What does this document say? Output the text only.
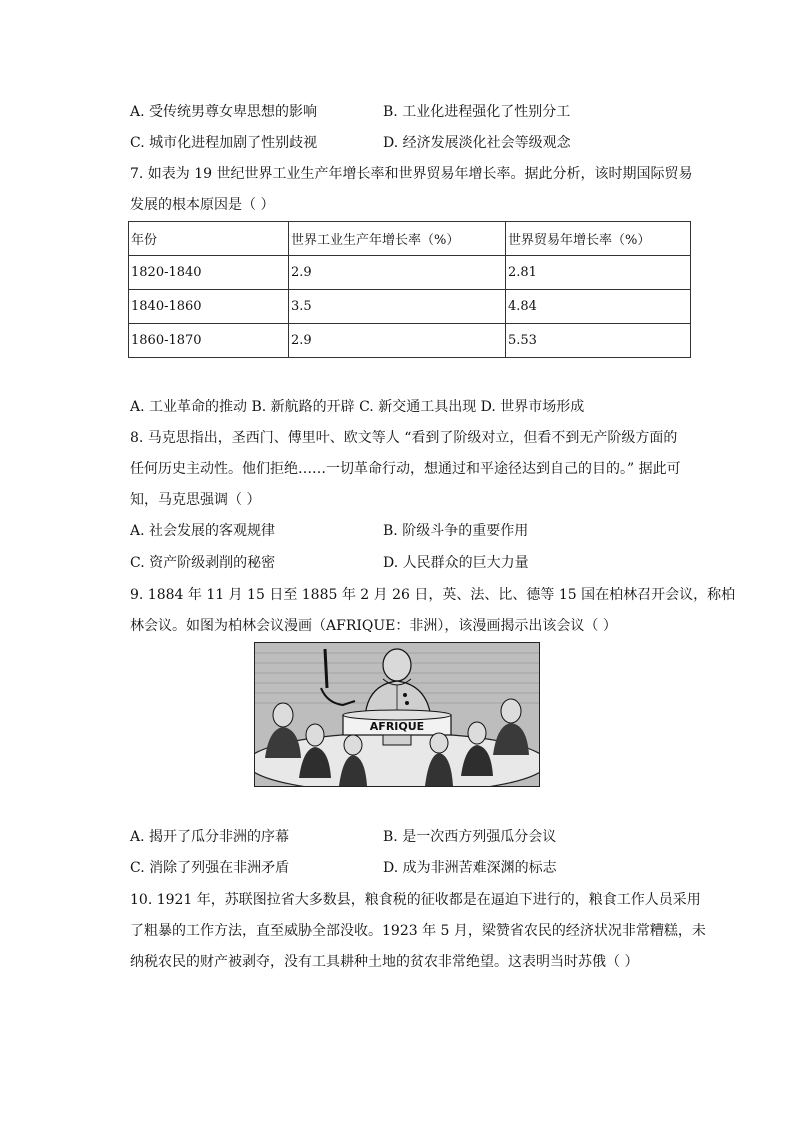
A. 受传统男尊女卑思想的影响	B. 工业化进程强化了性别分工
C. 城市化进程加剧了性别歧视	D. 经济发展淡化社会等级观念
7. 如表为 19 世纪世界工业生产年增长率和世界贸易年增长率。据此分析，该时期国际贸易
发展的根本原因是（ ）
年份	世界工业生产年增长率（%）	世界贸易年增长率（%）
1820-1840	2.9	2.81
1840-1860	3.5	4.84
1860-1870	2.9	5.53
A. 工业革命的推动 B. 新航路的开辟 C. 新交通工具出现 D. 世界市场形成
8. 马克思指出，圣西门、傅里叶、欧文等人 “看到了阶级对立，但看不到无产阶级方面的
任何历史主动性。他们拒绝……一切革命行动，想通过和平途径达到自己的目的。” 据此可
知，马克思强调（ ）
A. 社会发展的客观规律	B. 阶级斗争的重要作用
C. 资产阶级剥削的秘密	D. 人民群众的巨大力量
9. 1884 年 11 月 15 日至 1885 年 2 月 26 日，英、法、比、德等 15 国在柏林召开会议，称柏
林会议。如图为柏林会议漫画（AFRIQUE：非洲），该漫画揭示出该会议（ ）
AFRIQUE
A. 揭开了瓜分非洲的序幕	B. 是一次西方列强瓜分会议
C. 消除了列强在非洲矛盾	D. 成为非洲苦难深渊的标志
10. 1921 年，苏联图拉省大多数县，粮食税的征收都是在逼迫下进行的，粮食工作人员采用
了粗暴的工作方法，直至威胁全部没收。1923 年 5 月，梁赞省农民的经济状况非常糟糕，未
纳税农民的财产被剥夺，没有工具耕种土地的贫农非常绝望。这表明当时苏俄（ ）
